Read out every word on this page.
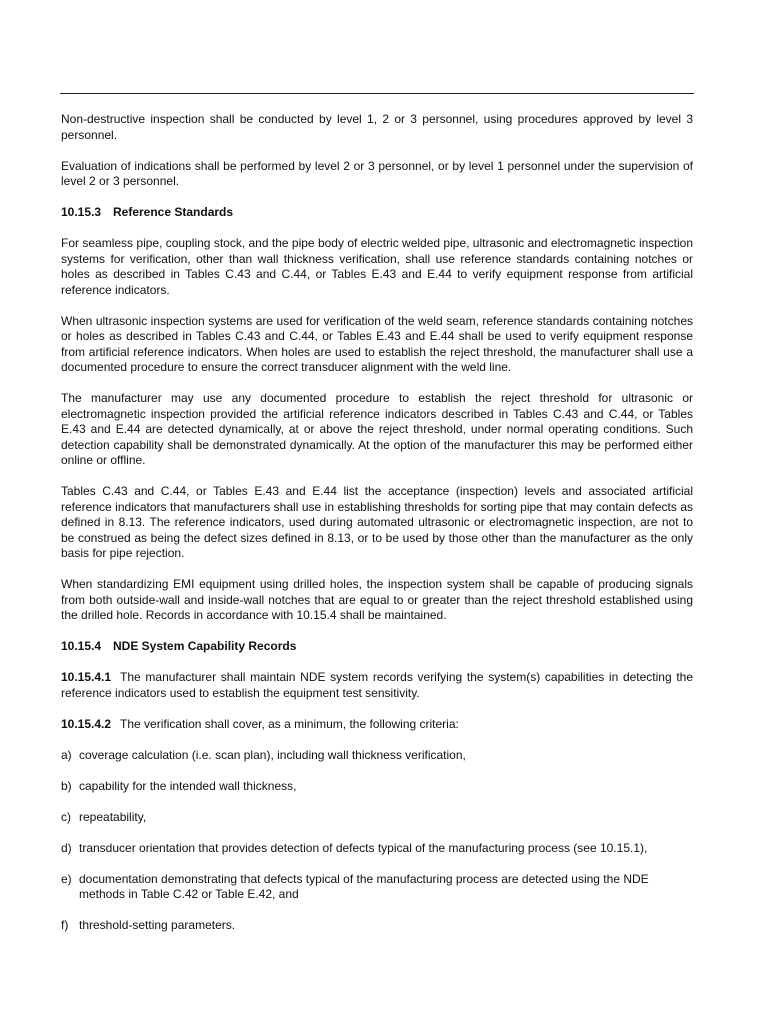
Non-destructive inspection shall be conducted by level 1, 2 or 3 personnel, using procedures approved by level 3 personnel.

Evaluation of indications shall be performed by level 2 or 3 personnel, or by level 1 personnel under the supervision of level 2 or 3 personnel.

10.15.3 Reference Standards

For seamless pipe, coupling stock, and the pipe body of electric welded pipe, ultrasonic and electromagnetic inspection systems for verification, other than wall thickness verification, shall use reference standards containing notches or holes as described in Tables C.43 and C.44, or Tables E.43 and E.44 to verify equipment response from artificial reference indicators.

When ultrasonic inspection systems are used for verification of the weld seam, reference standards containing notches or holes as described in Tables C.43 and C.44, or Tables E.43 and E.44 shall be used to verify equipment response from artificial reference indicators. When holes are used to establish the reject threshold, the manufacturer shall use a documented procedure to ensure the correct transducer alignment with the weld line.

The manufacturer may use any documented procedure to establish the reject threshold for ultrasonic or electromagnetic inspection provided the artificial reference indicators described in Tables C.43 and C.44, or Tables E.43 and E.44 are detected dynamically, at or above the reject threshold, under normal operating conditions. Such detection capability shall be demonstrated dynamically. At the option of the manufacturer this may be performed either online or offline.

Tables C.43 and C.44, or Tables E.43 and E.44 list the acceptance (inspection) levels and associated artificial reference indicators that manufacturers shall use in establishing thresholds for sorting pipe that may contain defects as defined in 8.13. The reference indicators, used during automated ultrasonic or electromagnetic inspection, are not to be construed as being the defect sizes defined in 8.13, or to be used by those other than the manufacturer as the only basis for pipe rejection.

When standardizing EMI equipment using drilled holes, the inspection system shall be capable of producing signals from both outside-wall and inside-wall notches that are equal to or greater than the reject threshold established using the drilled hole. Records in accordance with 10.15.4 shall be maintained.

10.15.4 NDE System Capability Records

10.15.4.1 The manufacturer shall maintain NDE system records verifying the system(s) capabilities in detecting the reference indicators used to establish the equipment test sensitivity.

10.15.4.2 The verification shall cover, as a minimum, the following criteria:

a) coverage calculation (i.e. scan plan), including wall thickness verification,
b) capability for the intended wall thickness,
c) repeatability,
d) transducer orientation that provides detection of defects typical of the manufacturing process (see 10.15.1),
e) documentation demonstrating that defects typical of the manufacturing process are detected using the NDE methods in Table C.42 or Table E.42, and
f) threshold-setting parameters.
